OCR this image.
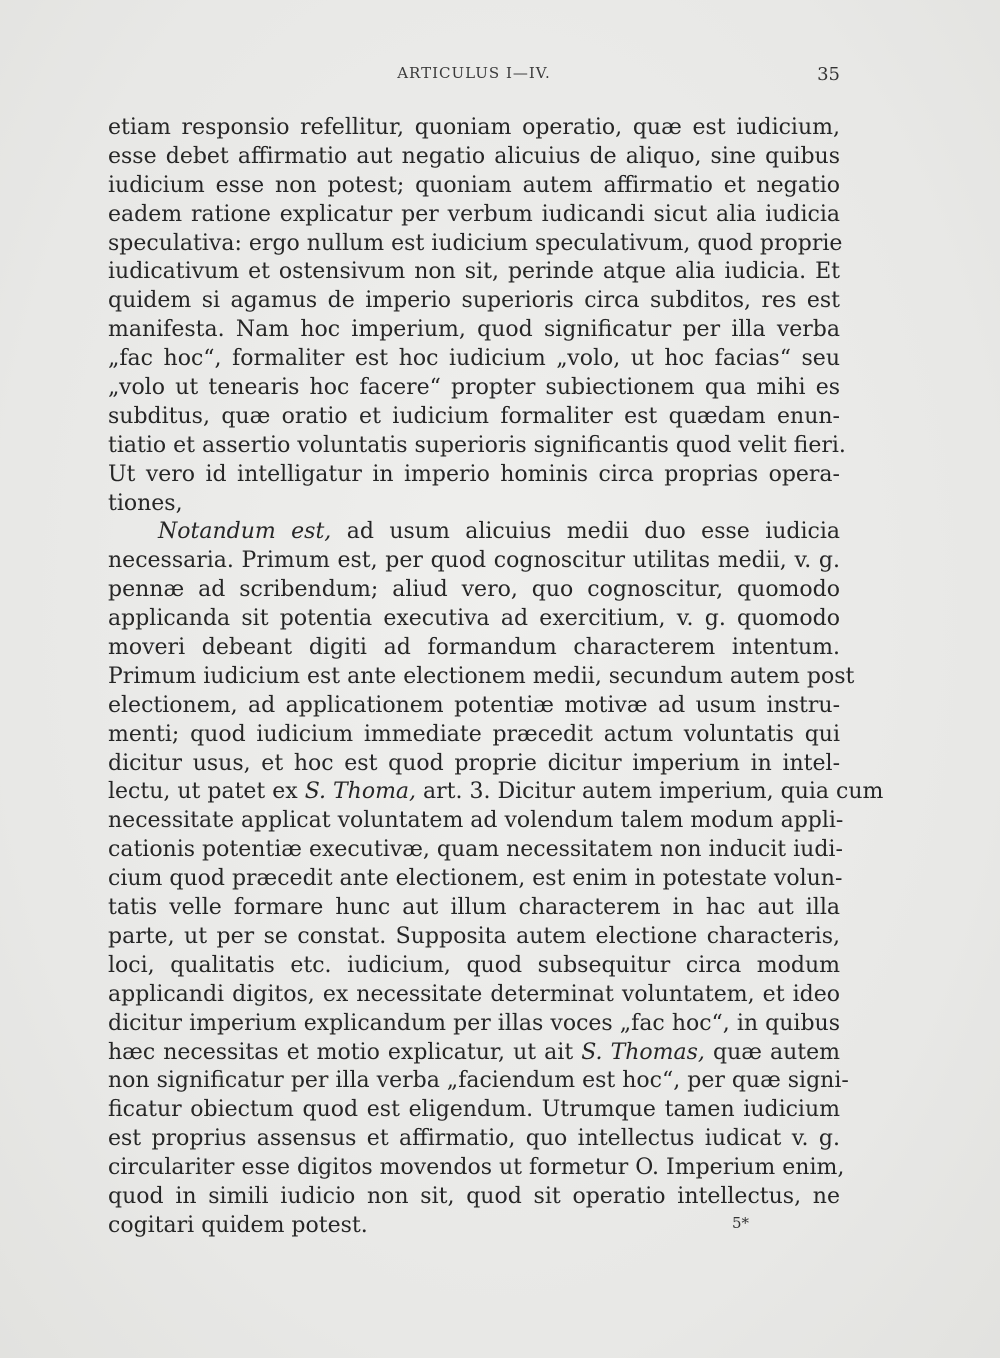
ARTICULUS I—IV.	35
etiam responsio refellitur, quoniam operatio, quæ est iudicium,
esse debet affirmatio aut negatio alicuius de aliquo, sine quibus
iudicium esse non potest; quoniam autem affirmatio et negatio
eadem ratione explicatur per verbum iudicandi sicut alia iudicia
speculativa: ergo nullum est iudicium speculativum, quod proprie
iudicativum et ostensivum non sit, perinde atque alia iudicia. Et
quidem si agamus de imperio superioris circa subditos, res est
manifesta. Nam hoc imperium, quod significatur per illa verba
„fac hoc“, formaliter est hoc iudicium „volo, ut hoc facias“ seu
„volo ut tenearis hoc facere“ propter subiectionem qua mihi es
subditus, quæ oratio et iudicium formaliter est quædam enun-
tiatio et assertio voluntatis superioris significantis quod velit fieri.
Ut vero id intelligatur in imperio hominis circa proprias opera-
tiones,
Notandum est, ad usum alicuius medii duo esse iudicia
necessaria. Primum est, per quod cognoscitur utilitas medii, v. g.
pennæ ad scribendum; aliud vero, quo cognoscitur, quomodo
applicanda sit potentia executiva ad exercitium, v. g. quomodo
moveri debeant digiti ad formandum characterem intentum.
Primum iudicium est ante electionem medii, secundum autem post
electionem, ad applicationem potentiæ motivæ ad usum instru-
menti; quod iudicium immediate præcedit actum voluntatis qui
dicitur usus, et hoc est quod proprie dicitur imperium in intel-
lectu, ut patet ex S. Thoma, art. 3. Dicitur autem imperium, quia cum
necessitate applicat voluntatem ad volendum talem modum appli-
cationis potentiæ executivæ, quam necessitatem non inducit iudi-
cium quod præcedit ante electionem, est enim in potestate volun-
tatis velle formare hunc aut illum characterem in hac aut illa
parte, ut per se constat. Supposita autem electione characteris,
loci, qualitatis etc. iudicium, quod subsequitur circa modum
applicandi digitos, ex necessitate determinat voluntatem, et ideo
dicitur imperium explicandum per illas voces „fac hoc“, in quibus
hæc necessitas et motio explicatur, ut ait S. Thomas, quæ autem
non significatur per illa verba „faciendum est hoc“, per quæ signi-
ficatur obiectum quod est eligendum. Utrumque tamen iudicium
est proprius assensus et affirmatio, quo intellectus iudicat v. g.
circulariter esse digitos movendos ut formetur O. Imperium enim,
quod in simili iudicio non sit, quod sit operatio intellectus, ne
cogitari quidem potest.	5*
